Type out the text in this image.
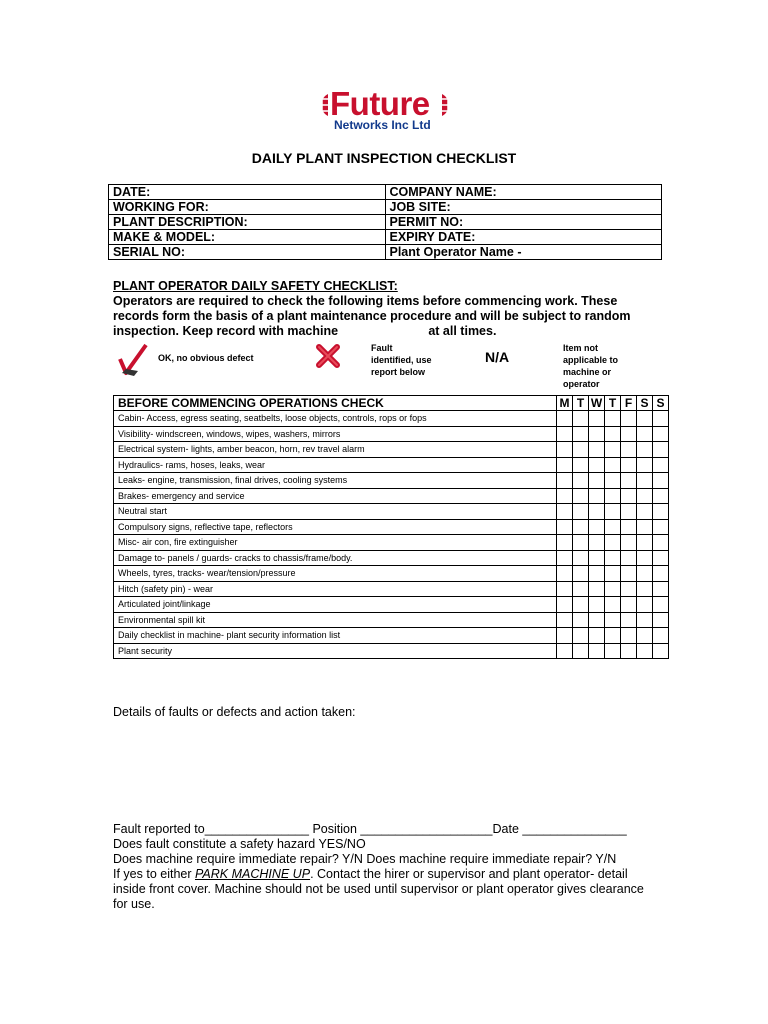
Future
Networks Inc Ltd
DAILY PLANT INSPECTION CHECKLIST
DATE:	COMPANY NAME:
WORKING FOR:	JOB SITE:
PLANT DESCRIPTION:	PERMIT NO:
MAKE & MODEL:	EXPIRY DATE:
SERIAL NO:	Plant Operator Name -
PLANT OPERATOR DAILY SAFETY CHECKLIST:
Operators are required to check the following items before commencing work. These
records form the basis of a plant maintenance procedure and will be subject to random
inspection. Keep record with machine                          at all times.
OK, no obvious defect
Fault
identified, use
report below
N/A
Item not
applicable to
machine or
operator
BEFORE COMMENCING OPERATIONS CHECK	M	T	W	T	F	S	S
Cabin- Access, egress seating, seatbelts, loose objects, controls, rops or fops							
Visibility- windscreen, windows, wipes, washers, mirrors							
Electrical system- lights, amber beacon, horn, rev travel alarm							
Hydraulics- rams, hoses, leaks, wear							
Leaks- engine, transmission, final drives, cooling systems							
Brakes- emergency and service							
Neutral start							
Compulsory signs, reflective tape, reflectors							
Misc- air con, fire extinguisher							
Damage to- panels / guards- cracks to chassis/frame/body.							
Wheels, tyres, tracks- wear/tension/pressure							
Hitch (safety pin) - wear							
Articulated joint/linkage							
Environmental spill kit							
Daily checklist in machine- plant security information list							
Plant security							
Details of faults or defects and action taken:
Fault reported to_______________ Position ___________________Date _______________
Does fault constitute a safety hazard YES/NO
Does machine require immediate repair? Y/N Does machine require immediate repair? Y/N
If yes to either PARK MACHINE UP. Contact the hirer or supervisor and plant operator- detail
inside front cover. Machine should not be used until supervisor or plant operator gives clearance
for use.
